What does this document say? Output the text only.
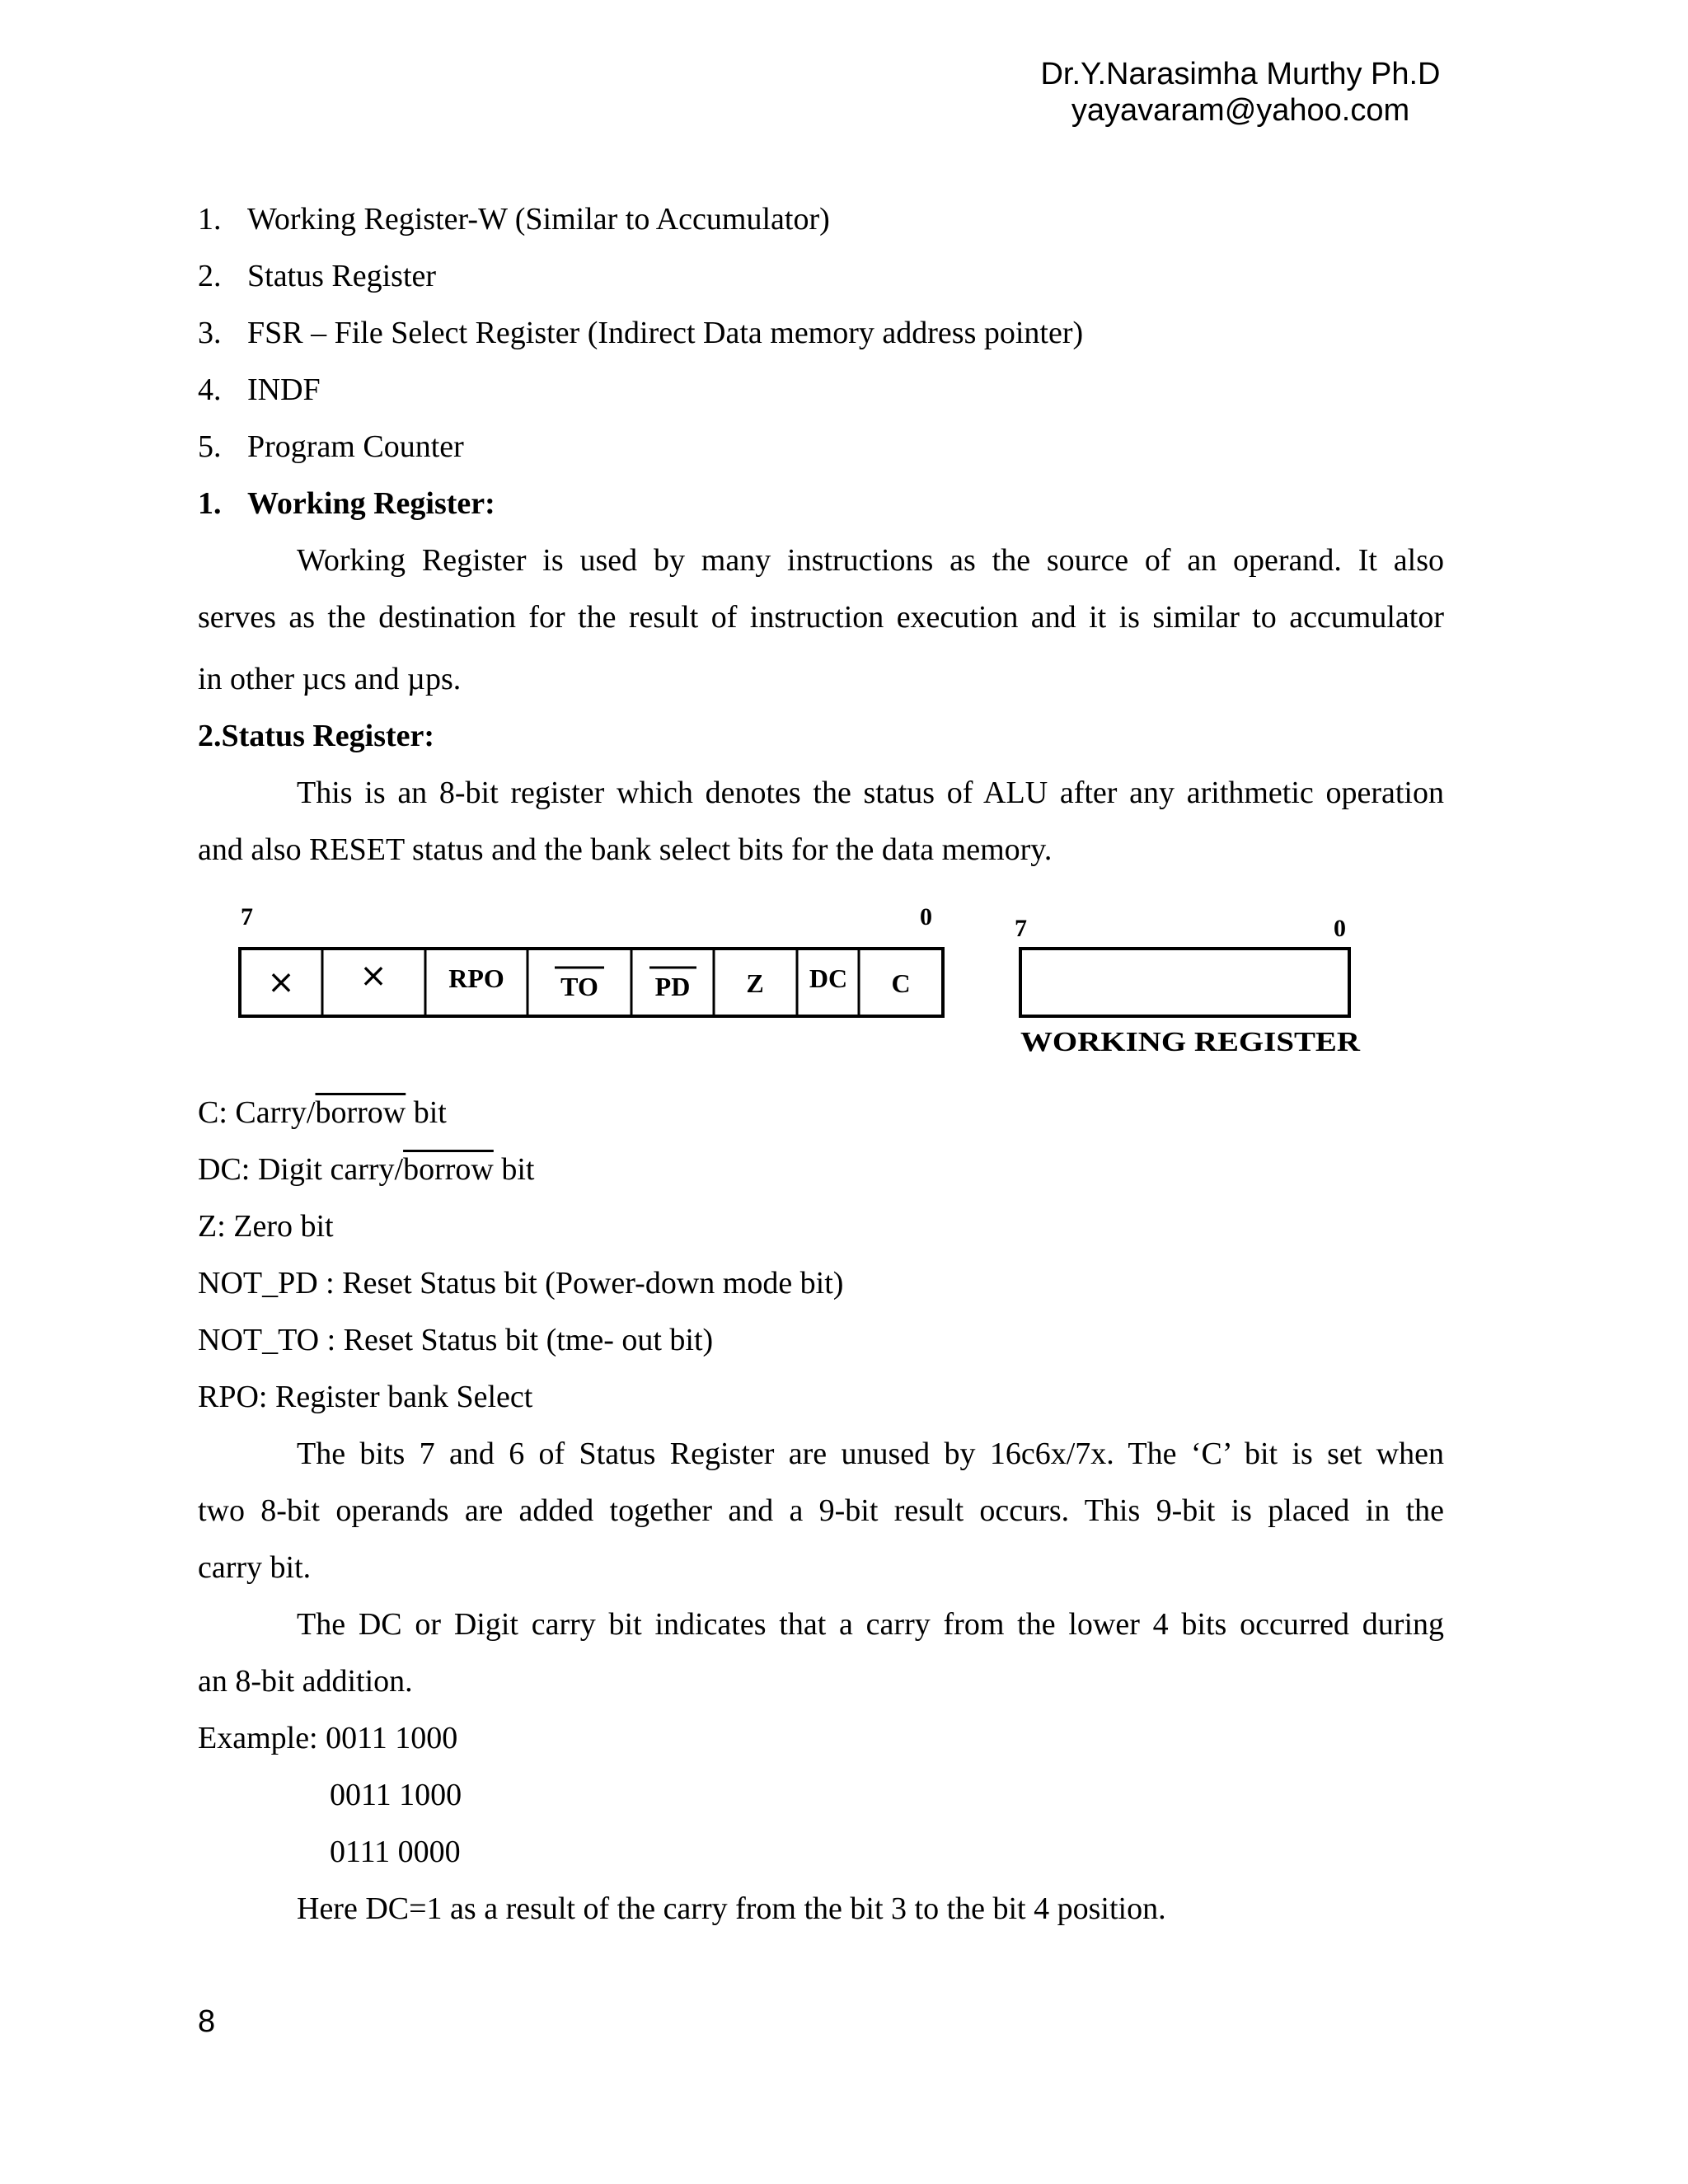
Dr.Y.Narasimha Murthy Ph.D
yayavaram@yahoo.com
1. Working Register-W (Similar to Accumulator)
2. Status Register
3. FSR – File Select Register (Indirect Data memory address pointer)
4. INDF
5. Program Counter
1. Working Register:
Working Register is used by many instructions as the source of an operand. It also
serves as the destination for the result of instruction execution and it is similar to accumulator
in other µcs and µps.
2.Status Register:
This is an 8-bit register which denotes the status of ALU after any arithmetic operation
and also RESET status and the bank select bits for the data memory.
7	0
× × RPO TO PD Z DC C
7	0
WORKING REGISTER
C: Carry/borrow bit
DC: Digit carry/borrow bit
Z: Zero bit
NOT_PD : Reset Status bit (Power-down mode bit)
NOT_TO : Reset Status bit (tme- out bit)
RPO: Register bank Select
The bits 7 and 6 of Status Register are unused by 16c6x/7x. The ‘C’ bit is set when
two 8-bit operands are added together and a 9-bit result occurs. This 9-bit is placed in the
carry bit.
The DC or Digit carry bit indicates that a carry from the lower 4 bits occurred during
an 8-bit addition.
Example: 0011 1000
0011 1000
0111 0000
Here DC=1 as a result of the carry from the bit 3 to the bit 4 position.
8
